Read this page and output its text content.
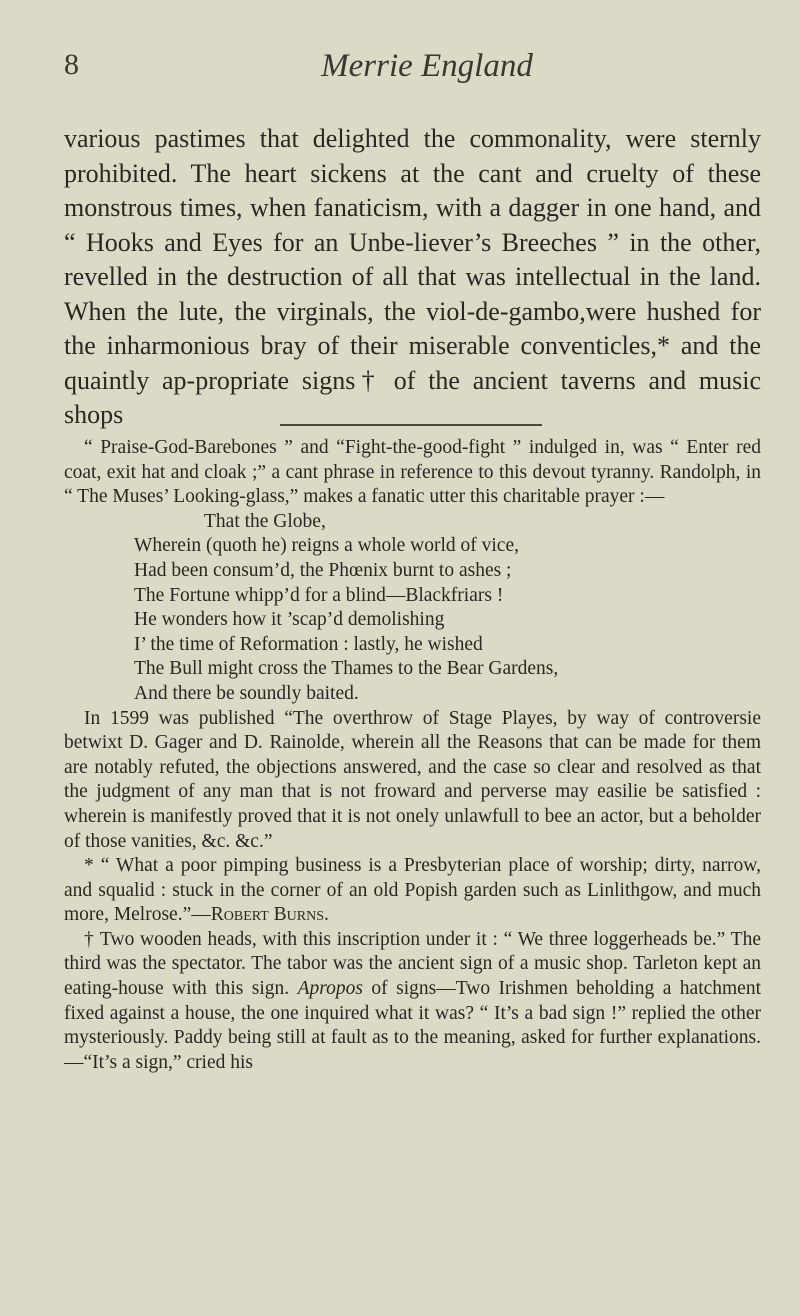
8	Merrie England

various pastimes that delighted the commonality, were sternly prohibited. The heart sickens at the cant and cruelty of these monstrous times, when fanaticism, with a dagger in one hand, and “ Hooks and Eyes for an Unbe-liever’s Breeches ” in the other, revelled in the destruction of all that was intellectual in the land. When the lute, the virginals, the viol-de-gambo,were hushed for the inharmonious bray of their miserable conventicles,* and the quaintly ap-propriate signs† of the ancient taverns and music shops

“ Praise-God-Barebones ” and “Fight-the-good-fight ” indulged in, was “ Enter red coat, exit hat and cloak ;” a cant phrase in reference to this devout tyranny. Randolph, in “ The Muses’ Looking-glass,” makes a fanatic utter this charitable prayer :—

That the Globe,
Wherein (quoth he) reigns a whole world of vice,
Had been consum’d, the Phœnix burnt to ashes ;
The Fortune whipp’d for a blind—Blackfriars !
He wonders how it ’scap’d demolishing
I’ the time of Reformation : lastly, he wished
The Bull might cross the Thames to the Bear Gardens,
And there be soundly baited.

In 1599 was published “The overthrow of Stage Playes, by way of controversie betwixt D. Gager and D. Rainolde, wherein all the Reasons that can be made for them are notably refuted, the objections answered, and the case so clear and resolved as that the judgment of any man that is not froward and perverse may easilie be satisfied : wherein is manifestly proved that it is not onely unlawfull to bee an actor, but a beholder of those vanities, &c. &c.”

* “ What a poor pimping business is a Presbyterian place of worship; dirty, narrow, and squalid : stuck in the corner of an old Popish garden such as Linlithgow, and much more, Melrose.”—Robert Burns.

† Two wooden heads, with this inscription under it : “ We three loggerheads be.” The third was the spectator. The tabor was the ancient sign of a music shop. Tarleton kept an eating-house with this sign. Apropos of signs—Two Irishmen beholding a hatchment fixed against a house, the one inquired what it was? “ It’s a bad sign !” replied the other mysteriously. Paddy being still at fault as to the meaning, asked for further explanations.—“It’s a sign,” cried his
